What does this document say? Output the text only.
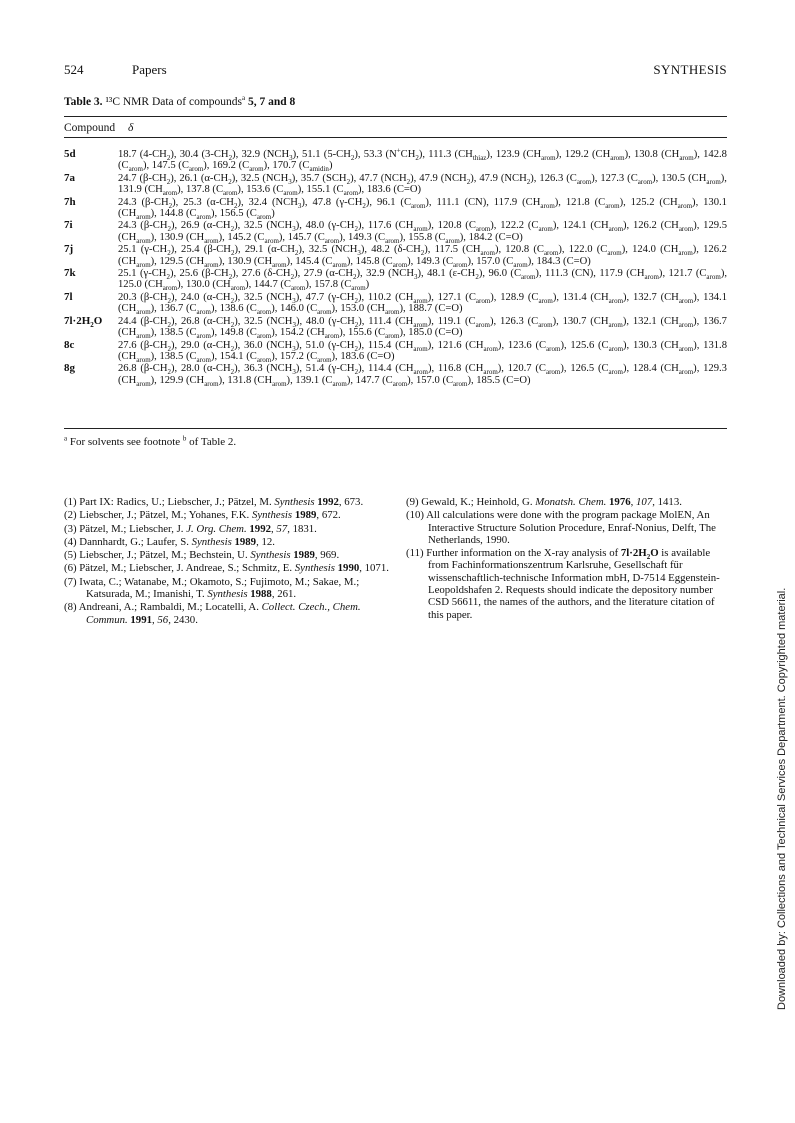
524	Papers	SYNTHESIS
Table 3. ¹³C NMR Data of compounds$^a$ 5, 7 and 8
Compound δ
5d	18.7 $(4-CH_2)$, 30.4 $(3-CH_2)$, 32.9 $(NCH_3)$, 51.1 $(5-CH_2)$, 53.3 $(N^+CH_2)$, 111.3 $(CH_{thiaz})$, 123.9 $(CH_{arom})$, 129.2 $(CH_{arom})$, 130.8 $(CH_{arom})$, 142.8 $(C_{arom})$, 147.5 $(C_{arom})$, 169.2 $(C_{arom})$, 170.7 $(C_{amidin})$
7a	24.7 $(\beta-CH_2)$, 26.1 $(\alpha-CH_2)$, 32.5 $(NCH_3)$, 35.7 $(SCH_2)$, 47.7 $(NCH_2)$, 47.9 $(NCH_2)$, 47.9 $(NCH_2)$, 126.3 $(C_{arom})$, 127.3 $(C_{arom})$, 130.5 $(CH_{arom})$, 131.9 $(CH_{arom})$, 137.8 $(C_{arom})$, 153.6 $(C_{arom})$, 155.1 $(C_{arom})$, 183.6 (C=O)
7h	24.3 $(\beta-CH_2)$, 25.3 $(\alpha-CH_2)$, 32.4 $(NCH_3)$, 47.8 $(\gamma-CH_2)$, 96.1 $(C_{arom})$, 111.1 (CN), 117.9 $(CH_{arom})$, 121.8 $(C_{arom})$, 125.2 $(CH_{arom})$, 130.1 $(CH_{arom})$, 144.8 $(C_{arom})$, 156.5 $(C_{arom})$
7i	24.3 $(\beta-CH_2)$, 26.9 $(\alpha-CH_2)$, 32.5 $(NCH_3)$, 48.0 $(\gamma-CH_2)$, 117.6 $(CH_{arom})$, 120.8 $(C_{arom})$, 122.2 $(C_{arom})$, 124.1 $(CH_{arom})$, 126.2 $(CH_{arom})$, 129.5 $(CH_{arom})$, 130.9 $(CH_{arom})$, 145.2 $(C_{arom})$, 145.7 $(C_{arom})$, 149.3 $(C_{arom})$, 155.8 $(C_{arom})$, 184.2 (C=O)
7j	25.1 $(\gamma-CH_2)$, 25.4 $(\beta-CH_2)$, 29.1 $(\alpha-CH_2)$, 32.5 $(NCH_3)$, 48.2 $(\delta-CH_2)$, 117.5 $(CH_{arom})$, 120.8 $(C_{arom})$, 122.0 $(C_{arom})$, 124.0 $(CH_{arom})$, 126.2 $(CH_{arom})$, 129.5 $(CH_{arom})$, 130.9 $(CH_{arom})$, 145.4 $(C_{arom})$, 145.8 $(C_{arom})$, 149.3 $(C_{arom})$, 157.0 $(C_{arom})$, 184.3 (C=O)
7k	25.1 $(\gamma-CH_2)$, 25.6 $(\beta-CH_2)$, 27.6 $(\delta-CH_2)$, 27.9 $(\alpha-CH_2)$, 32.9 $(NCH_3)$, 48.1 $(\varepsilon-CH_2)$, 96.0 $(C_{arom})$, 111.3 (CN), 117.9 $(CH_{arom})$, 121.7 $(C_{arom})$, 125.0 $(CH_{arom})$, 130.0 $(CH_{arom})$, 144.7 $(C_{arom})$, 157.8 $(C_{arom})$
7l	20.3 $(\beta-CH_2)$, 24.0 $(\alpha-CH_2)$, 32.5 $(NCH_3)$, 47.7 $(\gamma-CH_2)$, 110.2 $(CH_{arom})$, 127.1 $(C_{arom})$, 128.9 $(C_{arom})$, 131.4 $(CH_{arom})$, 132.7 $(CH_{arom})$, 134.1 $(CH_{arom})$, 136.7 $(C_{arom})$, 138.6 $(C_{arom})$, 146.0 $(C_{arom})$, 153.0 $(CH_{arom})$, 188.7 (C=O)
$7l\cdot 2H_2O$ 24.4 $(\beta-CH_2)$, 26.8 $(\alpha-CH_2)$, 32.5 $(NCH_3)$, 48.0 $(\gamma-CH_2)$, 111.4 $(CH_{arom})$, 119.1 $(C_{arom})$, 126.3 $(C_{arom})$, 130.7 $(CH_{arom})$, 132.1 $(CH_{arom})$, 136.7 $(CH_{arom})$, 138.5 $(C_{arom})$, 149.8 $(C_{arom})$, 154.2 $(CH_{arom})$, 155.6 $(C_{arom})$, 185.0 (C=O)
8c	27.6 $(\beta-CH_2)$, 29.0 $(\alpha-CH_2)$, 36.0 $(NCH_3)$, 51.0 $(\gamma-CH_2)$, 115.4 $(CH_{arom})$, 121.6 $(CH_{arom})$, 123.6 $(C_{arom})$, 125.6 $(C_{arom})$, 130.3 $(CH_{arom})$, 131.8 $(CH_{arom})$, 138.5 $(C_{arom})$, 154.1 $(C_{arom})$, 157.2 $(C_{arom})$, 183.6 (C=O)
8g	26.8 $(\beta-CH_2)$, 28.0 $(\alpha-CH_2)$, 36.3 $(NCH_3)$, 51.4 $(\gamma-CH_2)$, 114.4 $(CH_{arom})$, 116.8 $(CH_{arom})$, 120.7 $(C_{arom})$, 126.5 $(C_{arom})$, 128.4 $(CH_{arom})$, 129.3 $(CH_{arom})$, 129.9 $(CH_{arom})$, 131.8 $(CH_{arom})$, 139.1 $(C_{arom})$, 147.7 $(C_{arom})$, 157.0 $(C_{arom})$, 185.5 (C=O)
$^a$ For solvents see footnote $^b$ of Table 2.
(1) Part IX: Radics, U.; Liebscher, J.; Pätzel, M. Synthesis 1992, 673.
(2) Liebscher, J.; Pätzel, M.; Yohanes, F.K. Synthesis 1989, 672.
(3) Pätzel, M.; Liebscher, J. J. Org. Chem. 1992, 57, 1831.
(4) Dannhardt, G.; Laufer, S. Synthesis 1989, 12.
(5) Liebscher, J.; Pätzel, M.; Bechstein, U. Synthesis 1989, 969.
(6) Pätzel, M.; Liebscher, J. Andreae, S.; Schmitz, E. Synthesis 1990, 1071.
(7) Iwata, C.; Watanabe, M.; Okamoto, S.; Fujimoto, M.; Sakae, M.; Katsurada, M.; Imanishi, T. Synthesis 1988, 261.
(8) Andreani, A.; Rambaldi, M.; Locatelli, A. Collect. Czech., Chem. Commun. 1991, 56, 2430.
(9) Gewald, K.; Heinhold, G. Monatsh. Chem. 1976, 107, 1413.
(10) All calculations were done with the program package MolEN, An Interactive Structure Solution Procedure, Enraf-Nonius, Delft, The Netherlands, 1990.
(11) Further information on the X-ray analysis of $7l\cdot 2H_2O$ is available from Fachinformationszentrum Karlsruhe, Gesellschaft für wissenschaftlich-technische Information mbH, D-7514 Eggenstein-Leopoldshafen 2. Requests should indicate the depository number CSD 56611, the names of the authors, and the literature citation of this paper.	Downloaded by: Collections and Technical Services Department. Copyrighted material.
